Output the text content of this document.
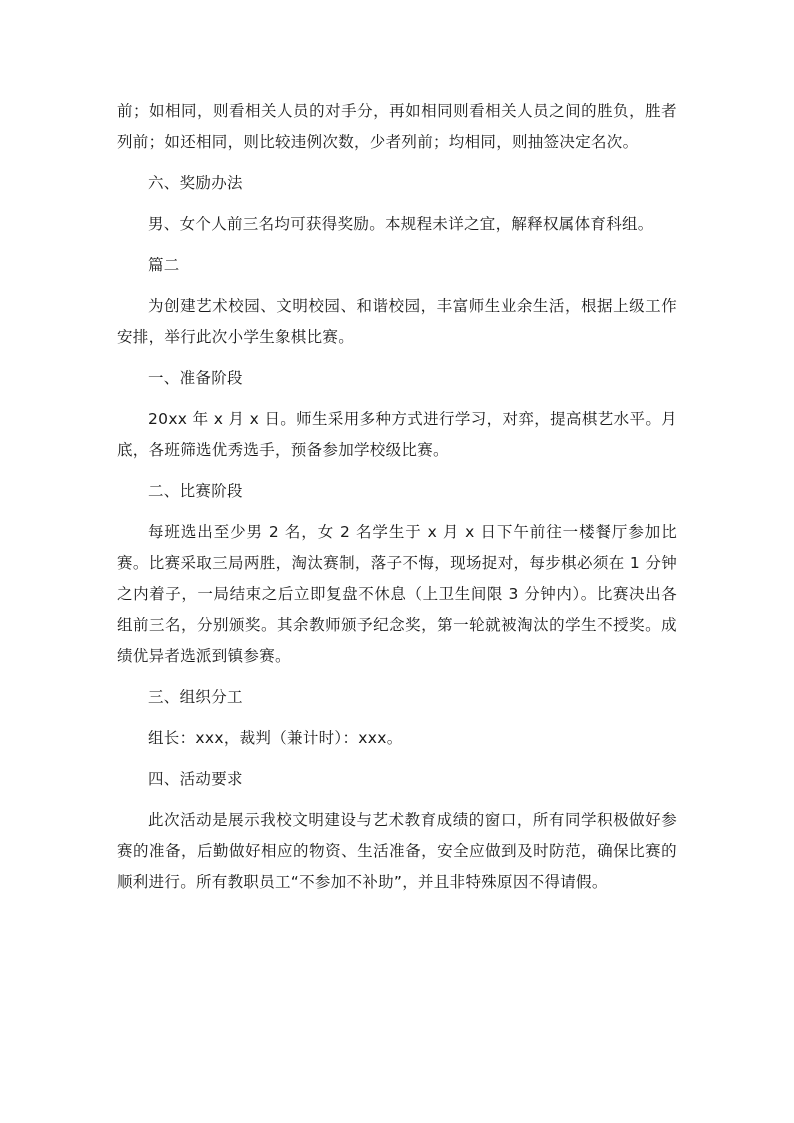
前；如相同，则看相关人员的对手分，再如相同则看相关人员之间的胜负，胜者列前；如还相同，则比较违例次数，少者列前；均相同，则抽签决定名次。

六、奖励办法

男、女个人前三名均可获得奖励。本规程未详之宜，解释权属体育科组。

篇二

为创建艺术校园、文明校园、和谐校园，丰富师生业余生活，根据上级工作安排，举行此次小学生象棋比赛。

一、准备阶段

20xx 年 x 月 x 日。师生采用多种方式进行学习，对弈，提高棋艺水平。月底，各班筛选优秀选手，预备参加学校级比赛。

二、比赛阶段

每班选出至少男 2 名，女 2 名学生于 x 月 x 日下午前往一楼餐厅参加比赛。比赛采取三局两胜，淘汰赛制，落子不悔，现场捉对，每步棋必须在 1 分钟之内着子，一局结束之后立即复盘不休息（上卫生间限 3 分钟内）。比赛决出各组前三名，分别颁奖。其余教师颁予纪念奖，第一轮就被淘汰的学生不授奖。成绩优异者选派到镇参赛。

三、组织分工

组长：xxx，裁判（兼计时）：xxx。

四、活动要求

此次活动是展示我校文明建设与艺术教育成绩的窗口，所有同学积极做好参赛的准备，后勤做好相应的物资、生活准备，安全应做到及时防范，确保比赛的顺利进行。所有教职员工“不参加不补助”，并且非特殊原因不得请假。
